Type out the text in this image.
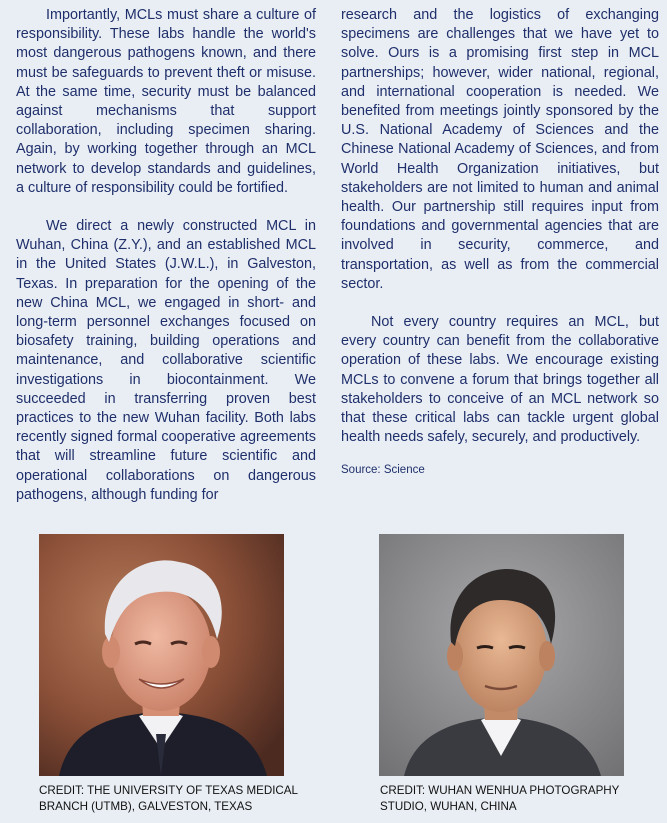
Importantly, MCLs must share a culture of responsibility. These labs handle the world's most dangerous pathogens known, and there must be safeguards to prevent theft or misuse. At the same time, security must be balanced against mechanisms that support collaboration, including specimen sharing. Again, by working together through an MCL network to develop standards and guidelines, a culture of responsibility could be fortified.

We direct a newly constructed MCL in Wuhan, China (Z.Y.), and an established MCL in the United States (J.W.L.), in Galveston, Texas. In preparation for the opening of the new China MCL, we engaged in short- and long-term personnel exchanges focused on biosafety training, building operations and maintenance, and collaborative scientific investigations in biocontainment. We succeeded in transferring proven best practices to the new Wuhan facility. Both labs recently signed formal cooperative agreements that will streamline future scientific and operational collaborations on dangerous pathogens, although funding for

research and the logistics of exchanging specimens are challenges that we have yet to solve. Ours is a promising first step in MCL partnerships; however, wider national, regional, and international cooperation is needed. We benefited from meetings jointly sponsored by the U.S. National Academy of Sciences and the Chinese National Academy of Sciences, and from World Health Organization initiatives, but stakeholders are not limited to human and animal health. Our partnership still requires input from foundations and governmental agencies that are involved in security, commerce, and transportation, as well as from the commercial sector.

Not every country requires an MCL, but every country can benefit from the collaborative operation of these labs. We encourage existing MCLs to convene a forum that brings together all stakeholders to conceive of an MCL network so that these critical labs can tackle urgent global health needs safely, securely, and productively.

Source: Science
CREDIT: THE UNIVERSITY OF TEXAS MEDICAL
BRANCH (UTMB), GALVESTON, TEXAS
CREDIT: WUHAN WENHUA PHOTOGRAPHY
STUDIO, WUHAN, CHINA
